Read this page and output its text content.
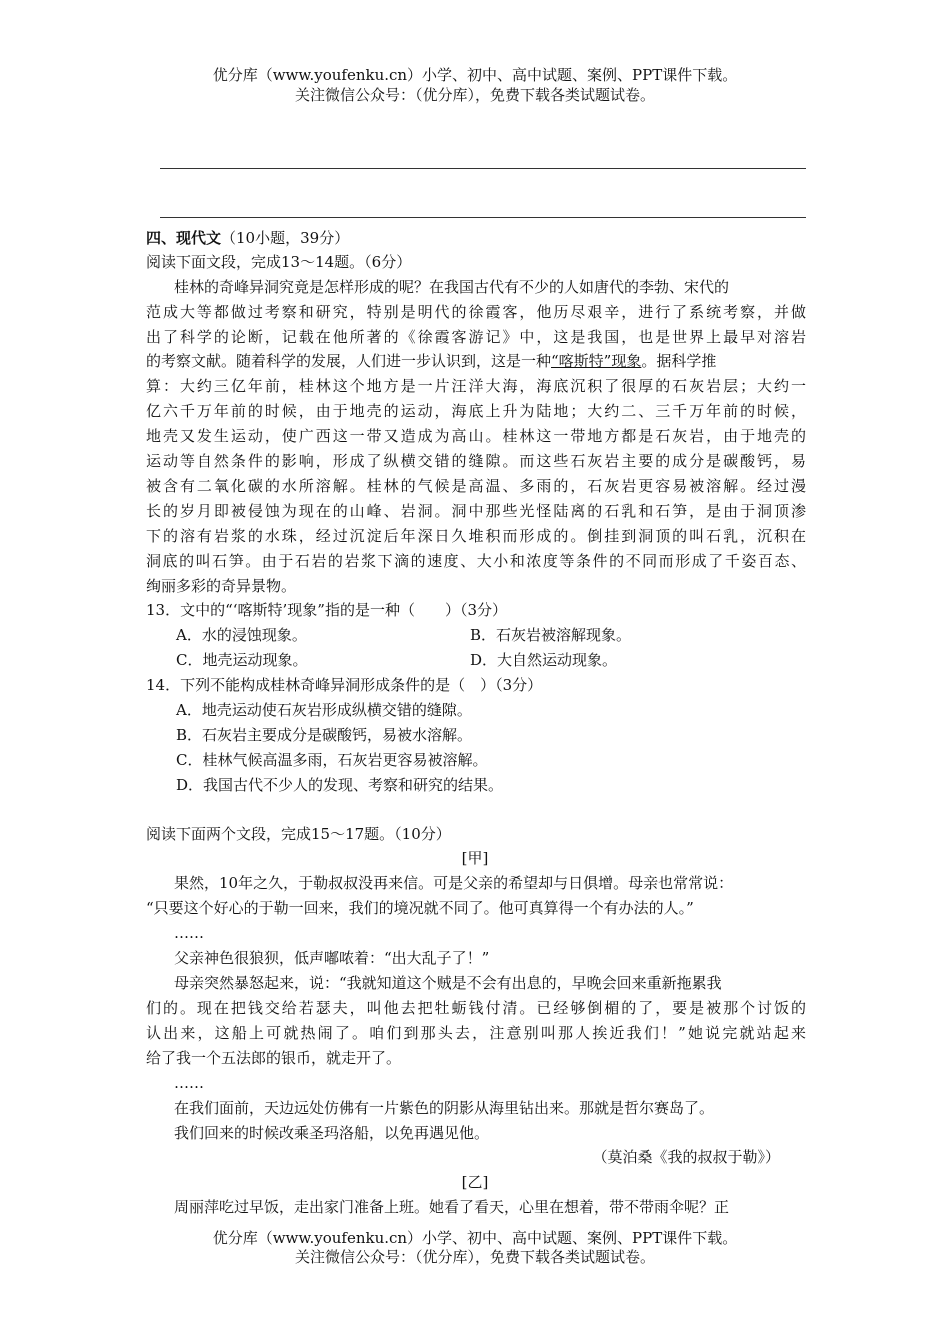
优分库（www.youfenku.cn）小学、初中、高中试题、案例、PPT课件下载。
关注微信公众号：（优分库），免费下载各类试题试卷。
四、现代文（10小题，39分）
阅读下面文段，完成13～14题。（6分）
桂林的奇峰异洞究竟是怎样形成的呢？在我国古代有不少的人如唐代的李勃、宋代的
范成大等都做过考察和研究，特别是明代的徐霞客，他历尽艰辛，进行了系统考察，并做
出了科学的论断，记载在他所著的《徐霞客游记》中，这是我国，也是世界上最早对溶岩
的考察文献。随着科学的发展，人们进一步认识到，这是一种“喀斯特”现象。据科学推
算：大约三亿年前，桂林这个地方是一片汪洋大海，海底沉积了很厚的石灰岩层；大约一
亿六千万年前的时候，由于地壳的运动，海底上升为陆地；大约二、三千万年前的时候，
地壳又发生运动，使广西这一带又造成为高山。桂林这一带地方都是石灰岩，由于地壳的
运动等自然条件的影响，形成了纵横交错的缝隙。而这些石灰岩主要的成分是碳酸钙，易
被含有二氧化碳的水所溶解。桂林的气候是高温、多雨的，石灰岩更容易被溶解。经过漫
长的岁月即被侵蚀为现在的山峰、岩洞。洞中那些光怪陆离的石乳和石笋，是由于洞顶渗
下的溶有岩浆的水珠，经过沉淀后年深日久堆积而形成的。倒挂到洞顶的叫石乳，沉积在
洞底的叫石笋。由于石岩的岩浆下滴的速度、大小和浓度等条件的不同而形成了千姿百态、
绚丽多彩的奇异景物。
13．文中的“‘喀斯特’现象”指的是一种（　　）（3分）
A．水的浸蚀现象。	B．石灰岩被溶解现象。
C．地壳运动现象。	D．大自然运动现象。
14．下列不能构成桂林奇峰异洞形成条件的是（　）（3分）
A．地壳运动使石灰岩形成纵横交错的缝隙。
B．石灰岩主要成分是碳酸钙，易被水溶解。
C．桂林气候高温多雨，石灰岩更容易被溶解。
D．我国古代不少人的发现、考察和研究的结果。
阅读下面两个文段，完成15～17题。（10分）
[甲]
果然，10年之久，于勒叔叔没再来信。可是父亲的希望却与日俱增。母亲也常常说：
“只要这个好心的于勒一回来，我们的境况就不同了。他可真算得一个有办法的人。”
……
父亲神色很狼狈，低声嘟哝着：“出大乱子了！”
母亲突然暴怒起来，说：“我就知道这个贼是不会有出息的，早晚会回来重新拖累我
们的。现在把钱交给若瑟夫，叫他去把牡蛎钱付清。已经够倒楣的了，要是被那个讨饭的
认出来，这船上可就热闹了。咱们到那头去，注意别叫那人挨近我们！”她说完就站起来
给了我一个五法郎的银币，就走开了。
……
在我们面前，天边远处仿佛有一片紫色的阴影从海里钻出来。那就是哲尔赛岛了。
我们回来的时候改乘圣玛洛船，以免再遇见他。
（莫泊桑《我的叔叔于勒》）
[乙]
周丽萍吃过早饭，走出家门准备上班。她看了看天，心里在想着，带不带雨伞呢？正
优分库（www.youfenku.cn）小学、初中、高中试题、案例、PPT课件下载。
关注微信公众号：（优分库），免费下载各类试题试卷。
